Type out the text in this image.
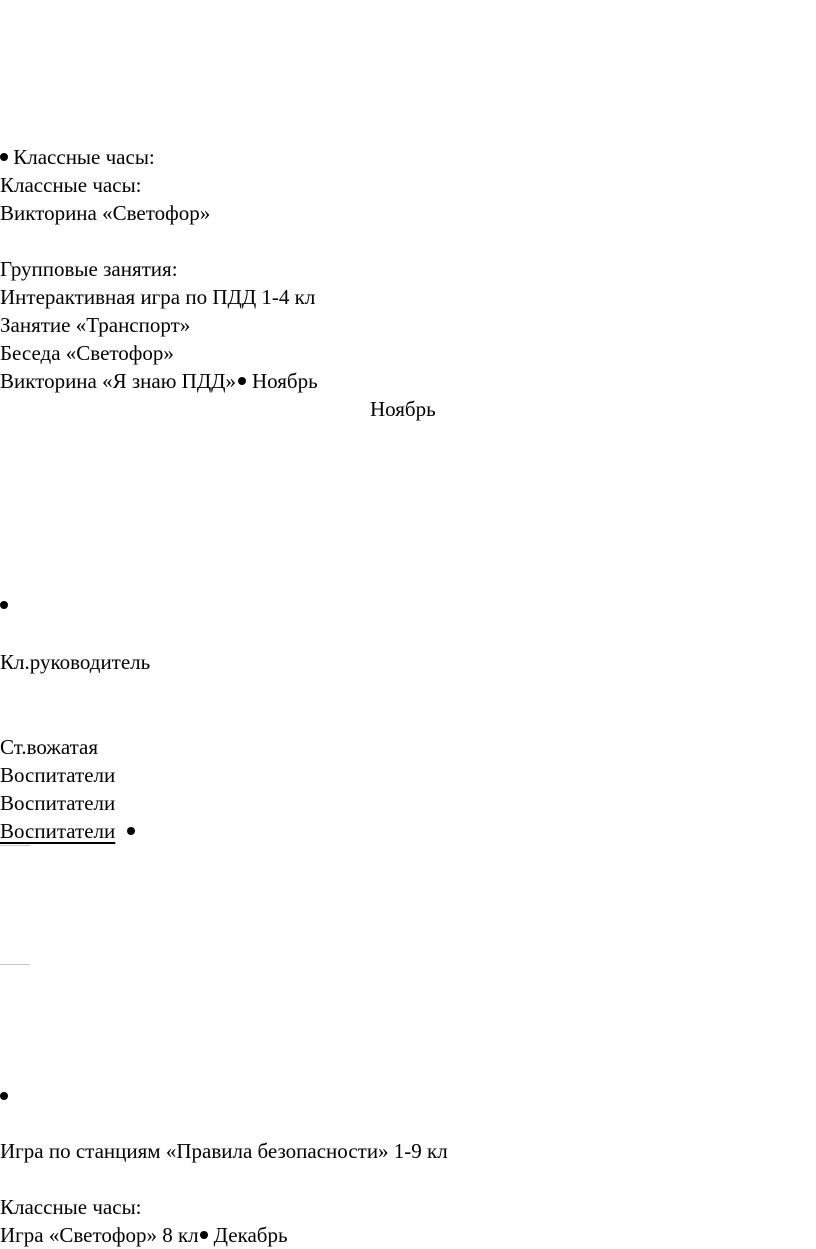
Классные часы:
Классные часы:
Викторина «Светофор»
Групповые занятия:
Интерактивная игра по ПДД 1-4 кл
Занятие «Транспорт»
Беседа «Светофор»
Викторина «Я знаю ПДД» Ноябрь
Ноябрь
Кл.руководитель
Ст.вожатая
Воспитатели
Воспитатели
Воспитатели
Игра по станциям «Правила безопасности» 1-9 кл
Классные часы:
Игра «Светофор» 8 кл Декабрь
